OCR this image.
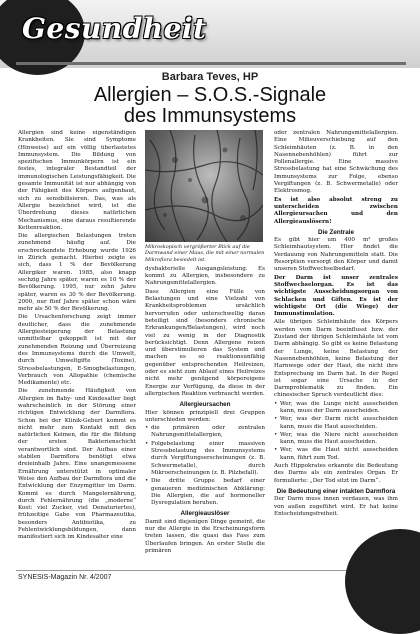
Gesundheit
Barbara Teves, HP
Allergien – S.O.S.-Signale
des Immunsystems

Allergien sind keine eigenständigen Krankheiten. Sie sind Symptome (Hinweise) auf ein völlig überlastetes Immunsystem. Die Bildung von spezifischen Immunkörpern ist ein festes, integraler Bestandteil der immunologischen Leistungsfähigkeit. Die gesamte Immunität ist nur abhängig von der Fähigkeit des Körpers aufgenbaut, sich zu sensibilisieren. Das, was als Allergie bezeichnet wird, ist die Überdrehung dieses natürlichen Mechanismus, eine daraus resultierende Kettenreaktion.

Die allergischen Belastungen treten zunehmend häufig auf. Die erschreckendste Erhebung wurde 1926 in Zürich gemacht. Hierbei zeigte es sich, dass 1 % der Bevölkerung Allergiker waren. 1985, also knapp sechzig Jahre später, waren es 10 % der Bevölkerung. 1995, nur zehn Jahre später, waren es 30 % der Bevölkerung. 2000, nur fünf Jahre später schon wäre mehr als 50 % der Bevölkerung.

Die Ursachenforschung zeigt immer deutlicher, dass die zunehmende Allergiesteigerung der Belastung unmittelbar gekoppelt ist mit der zunehmenden Reizung und Überreizung des Immunsystems durch die Umwelt, durch Umweltgifte (Toxine), Stressbelastungen, E-Smogbelastungen, Verbrauch von Allopathie (chemische Medikamente) etc.

Die zunehmende Häufigkeit von Allergien im Baby- und Kindesalter liegt wahrscheinlich in der Störung einer richtigen Entwicklung der Darmflora. Schon bei der Klinik-Geburt kommt es nicht mehr zum Kontakt mit den natürlichen Keimen, die für die Bildung der ersten Bakterienschicht verantwortlich sind. Der Aufbau einer stabilen Darmflora benötigt etwa dreieinhalb Jahre. Eine unangemessene Ernährung unterstützt in optimaler Weise den Aufbau der Darmflora und die Entwicklung der Enzymgitter im Darm. Kommt es durch Mangelernährung, durch Fehlernährung (die „moderne“ Kost: viel Zucker, viel Denaturiertes), frühzeitige Gabe von Pharmazeutika, besonders Antibiotika, zu Fehlentwicklungsbildungen, dann manifestiert sich im Kindesalter eine

Mikroskopisch vergrößerter Blick auf die Darmwand einer Maus, die mit einer normalen Mikroflora besiedelt ist.

dysbakterielle Ausgangsleistung. Es kommt zu Allergien, insbesondere zu Nahrungsmittelallergien.

Dass Allergien eine Fülle von Belastungen und eine Vielzahl von Krankheitsproblemen ursächlich hervorrufen oder unterschwellig daran beteiligt sind (besonders chronische Erkrankungen/Belastungen), wird noch viel zu wenig in der Diagnostik berücksichtigt. Denn Allergene reizen und überstimulieren das System und machen es so reaktionsunfähig gegenüber entsprechenden Heilreizen, oder es sieht zum Ablauf eines Heilreizes nicht mehr genügend körpereigene Energie zur Verfügung, da diese in der allergischen Reaktion verbraucht werden.

Allergieursachen

Hier können prinzipiell drei Gruppen unterschieden werden:

• die primären oder zentralen Nahrungsmittelallergien,
• Folgebelastung einer massiven Stressbelastung des Immunsystems durch Vergiftungserscheinungen (z. B. Schwermetalle), durch Mikroerscheinungen (z. B. Pilzbefall).
• Die dritte Gruppe bedarf einer genaueren medizinischen Abklärung: Die Allergien, die auf hormoneller Dysregulation beruhen.
Allergieauslöser

Damit sind diejenigen Dinge gemeint, die nur die Allergie in die Erscheinungsform treten lassen, die quasi das Fass zum Überlaufen bringen. An erster Stelle die primären

oder zentralen Nahrungsmittelallergien. Eine Milieuverschiebung auf den Schleimhäuten (z. B. in den Nasennebenhöhlen) führt zur Pollenallergie. Eine massive Stressbelastung hat eine Schwächung des Immunsystems zur Folge, ebenso Vergiftungen (z. B. Schwermetalle) oder Elektrosmog.

Es ist also absolut streng zu unterscheiden zwischen Allergieursachen und den Allergieauslösern!

Die Zentrale

Es gibt hier um 400 m² großes Schleimhautsystem. Hier findet die Verdauung von Nahrungsmitteln statt. Die Resorption versorgt den Körper und damit unseren Stoffwechselbedarf.

Der Darm ist unser zentrales Stoffwechselorgan. Es ist das wichtigste Ausscheidungsorgan von Schlacken und Giften. Es ist der wichtigste Ort (die Wiege) der Immunstimulation.

Alle übrigen Schleimhäute des Körpers werden vom Darm beeinflusst bzw. der Zustand der übrigen Schleimhäute ist vom Darm abhängig. So gibt es keine Belastung der Lunge, keine Belastung der Nasennebenhöhlen, keine Belastung der Harnwege oder der Haut, die nicht ihre Entsprechung im Darm hat. In der Regel ist sogar eine Ursache in der Darmproblematik zu finden. Ein chinesischer Spruch verdeutlicht dies:

• Wer, was die Lunge nicht ausscheiden kann, muss der Darm ausscheiden.
• Wer, was der Darm nicht ausscheiden kann, muss die Haut ausscheiden.
• Wer, was die Niere nicht ausscheiden kann, muss die Haut ausscheiden.
• Wer, was die Haut nicht ausscheiden kann, führt zum Tod.

Auch Hippokrates erkannte die Bedeutung des Darms als ein zentrales Organ. Er formulierte: „Der Tod sitzt im Darm“.

Die Bedeutung einer intakten Darmflora

Der Darm muss innen verdauen, was ihm von außen zugeführt wird. Er hat keine Entscheidungsfreiheit.

SYNESIS-Magazin Nr. 4/2007
